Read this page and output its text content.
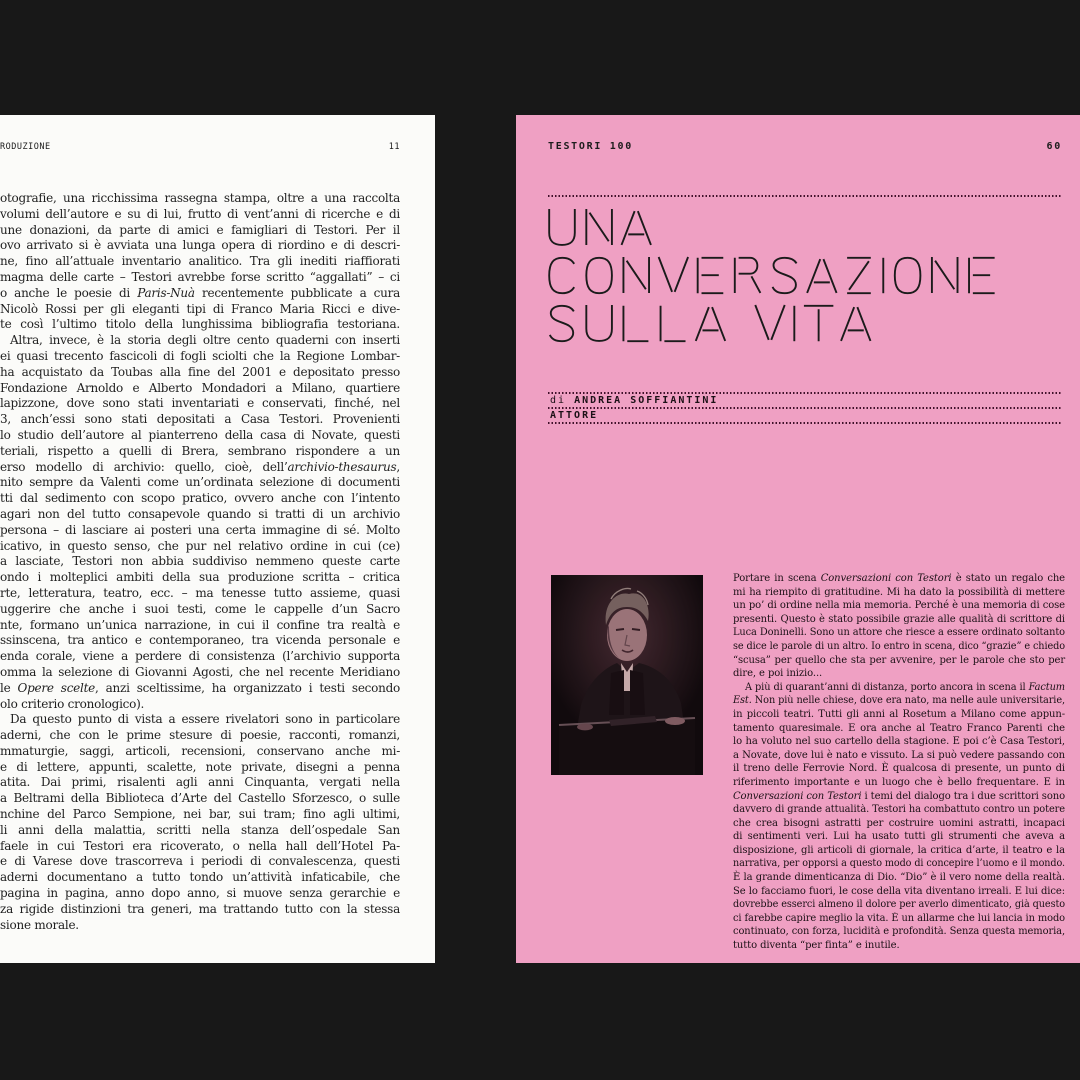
RODUZIONE	11
otografie, una ricchissima rassegna stampa, oltre a una raccolta
volumi dell’autore e su di lui, frutto di vent’anni di ricerche e di
une donazioni, da parte di amici e famigliari di Testori. Per il
ovo arrivato si è avviata una lunga opera di riordino e di descri-
ne, fino all’attuale inventario analitico. Tra gli inediti riaffiorati
magma delle carte – Testori avrebbe forse scritto “aggallati” – ci
o anche le poesie di Paris-Nuà recentemente pubblicate a cura
Nicolò Rossi per gli eleganti tipi di Franco Maria Ricci e dive-
te così l’ultimo titolo della lunghissima bibliografia testoriana.
Altra, invece, è la storia degli oltre cento quaderni con inserti
ei quasi trecento fascicoli di fogli sciolti che la Regione Lombar-
ha acquistato da Toubas alla fine del 2001 e depositato presso
Fondazione Arnoldo e Alberto Mondadori a Milano, quartiere
lapizzone, dove sono stati inventariati e conservati, finché, nel
3, anch’essi sono stati depositati a Casa Testori. Provenienti
lo studio dell’autore al pianterreno della casa di Novate, questi
teriali, rispetto a quelli di Brera, sembrano rispondere a un
erso modello di archivio: quello, cioè, dell’archivio-thesaurus,
nito sempre da Valenti come un’ordinata selezione di documenti
tti dal sedimento con scopo pratico, ovvero anche con l’intento
agari non del tutto consapevole quando si tratti di un archivio
persona – di lasciare ai posteri una certa immagine di sé. Molto
icativo, in questo senso, che pur nel relativo ordine in cui (ce)
a lasciate, Testori non abbia suddiviso nemmeno queste carte
ondo i molteplici ambiti della sua produzione scritta – critica
rte, letteratura, teatro, ecc. – ma tenesse tutto assieme, quasi
uggerire che anche i suoi testi, come le cappelle d’un Sacro
nte, formano un’unica narrazione, in cui il confine tra realtà e
ssinscena, tra antico e contemporaneo, tra vicenda personale e
enda corale, viene a perdere di consistenza (l’archivio supporta
omma la selezione di Giovanni Agosti, che nel recente Meridiano
le Opere scelte, anzi sceltissime, ha organizzato i testi secondo
olo criterio cronologico).
Da questo punto di vista a essere rivelatori sono in particolare
aderni, che con le prime stesure di poesie, racconti, romanzi,
mmaturgie, saggi, articoli, recensioni, conservano anche mi-
e di lettere, appunti, scalette, note private, disegni a penna
atita. Dai primi, risalenti agli anni Cinquanta, vergati nella
a Beltrami della Biblioteca d’Arte del Castello Sforzesco, o sulle
nchine del Parco Sempione, nei bar, sui tram; fino agli ultimi,
li anni della malattia, scritti nella stanza dell’ospedale San
faele in cui Testori era ricoverato, o nella hall dell’Hotel Pa-
e di Varese dove trascorreva i periodi di convalescenza, questi
aderni documentano a tutto tondo un’attività infaticabile, che
pagina in pagina, anno dopo anno, si muove senza gerarchie e
za rigide distinzioni tra generi, ma trattando tutto con la stessa
sione morale.
TESTORI 100	60
di ANDREA SOFFIANTINI
ATTORE
Portare in scena Conversazioni con Testori è stato un regalo che
mi ha riempito di gratitudine. Mi ha dato la possibilità di mettere
un po’ di ordine nella mia memoria. Perché è una memoria di cose
presenti. Questo è stato possibile grazie alle qualità di scrittore di
Luca Doninelli. Sono un attore che riesce a essere ordinato soltanto
se dice le parole di un altro. Io entro in scena, dico “grazie” e chiedo
“scusa” per quello che sta per avvenire, per le parole che sto per
dire, e poi inizio...
A più di quarant’anni di distanza, porto ancora in scena il Factum
Est. Non più nelle chiese, dove era nato, ma nelle aule universitarie,
in piccoli teatri. Tutti gli anni al Rosetum a Milano come appun-
tamento quaresimale. E ora anche al Teatro Franco Parenti che
lo ha voluto nel suo cartello della stagione. E poi c’è Casa Testori,
a Novate, dove lui è nato e vissuto. La si può vedere passando con
il treno delle Ferrovie Nord. È qualcosa di presente, un punto di
riferimento importante e un luogo che è bello frequentare. E in
Conversazioni con Testori i temi del dialogo tra i due scrittori sono
davvero di grande attualità. Testori ha combattuto contro un potere
che crea bisogni astratti per costruire uomini astratti, incapaci
di sentimenti veri. Lui ha usato tutti gli strumenti che aveva a
disposizione, gli articoli di giornale, la critica d’arte, il teatro e la
narrativa, per opporsi a questo modo di concepire l’uomo e il mondo.
È la grande dimenticanza di Dio. “Dio” è il vero nome della realtà.
Se lo facciamo fuori, le cose della vita diventano irreali. E lui dice:
dovrebbe esserci almeno il dolore per averlo dimenticato, già questo
ci farebbe capire meglio la vita. È un allarme che lui lancia in modo
continuato, con forza, lucidità e profondità. Senza questa memoria,
tutto diventa “per finta” e inutile.
